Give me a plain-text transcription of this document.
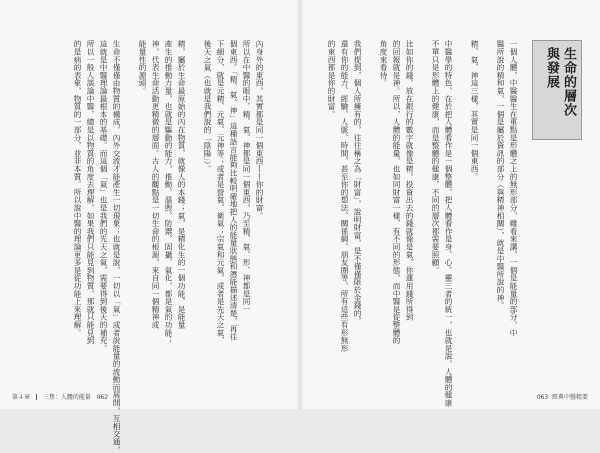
內身外的東西，其實都是同一個東西——你的財富。
所以在中醫的眼中，精、氣、神都是同一個東西，乃至精、氣、形、神都是同一
個東西。「精、氣、神」這種語言能夠比較明確地把人的能量狀態和潛能描述清楚，再往
下細分，就是元精、元氣、元神等；或者是營氣、衛氣；宗氣和元氣，或者是先天之氣，
後天之氣（也就是我們說的「陰陽」）。
精，屬於生命最原始的內在物質，就像人的本錢；氣，是精化生的一個功能，是能量
產生的推動力量，也就是驅動的能力，推動、溫煦、防禦、固攝、氣化，都是氣的功能；
神，代表生命活動更精微的層面。古人的觀點是一切生命的根源，來自同一個精神或
能量性的源頭。
生命不僅僅由物質的構成，內外交流才能產生一切現象；也就是說，一切以「氣」或者說能量的流動而展開，互相交通，
這就是中醫理論最根本的基礎。而這個「氣」也是我們的先天之氣，需要得到後天的補充。
所以一般人談論中醫，總是以物質的角度去理解，如果我們只能見到物質，那就只能見到
的是病的表象，物質的一部分，並非本質。所以說中醫的理論更多是從功能上來理解。
第４章 三焦：人體的能量 062
生命的層次
與發展
一個人體，中醫醫生在重點是形體之上的無形部分，雖看來講，一個是能量的部分，中
醫所說的精和氣，一個是屬於資訊的部分（與精神相關），就是中醫所說的神。
精、氣、神這三樣，其實是同一個東西。
中醫學的特色，在於把人體看作是一個整體，把人體看作是身、心、靈三者的統一，也就是說，人體的健康
不單只是形體上的健康，而是整體的健康，不同的層次都需要照顧。
比如你的錢，放在銀行的數字就像是精，投資出去的錢就像是氣，你運用錢所得到
的回報就是神。所以，人體的能量，也如同財富一樣，有不同的形態，而中醫是從整體的
角度來看待。
我們提到，個人所擁有的，往往稱之為「財富」，說明財富，是不僅僅限於金錢的，
還有你的能力、經驗、人脈、時間，甚至你的想法、關係網、朋友圈等，所有這些有形無形
的東西都是你的財富。
063 經典中醫精要
